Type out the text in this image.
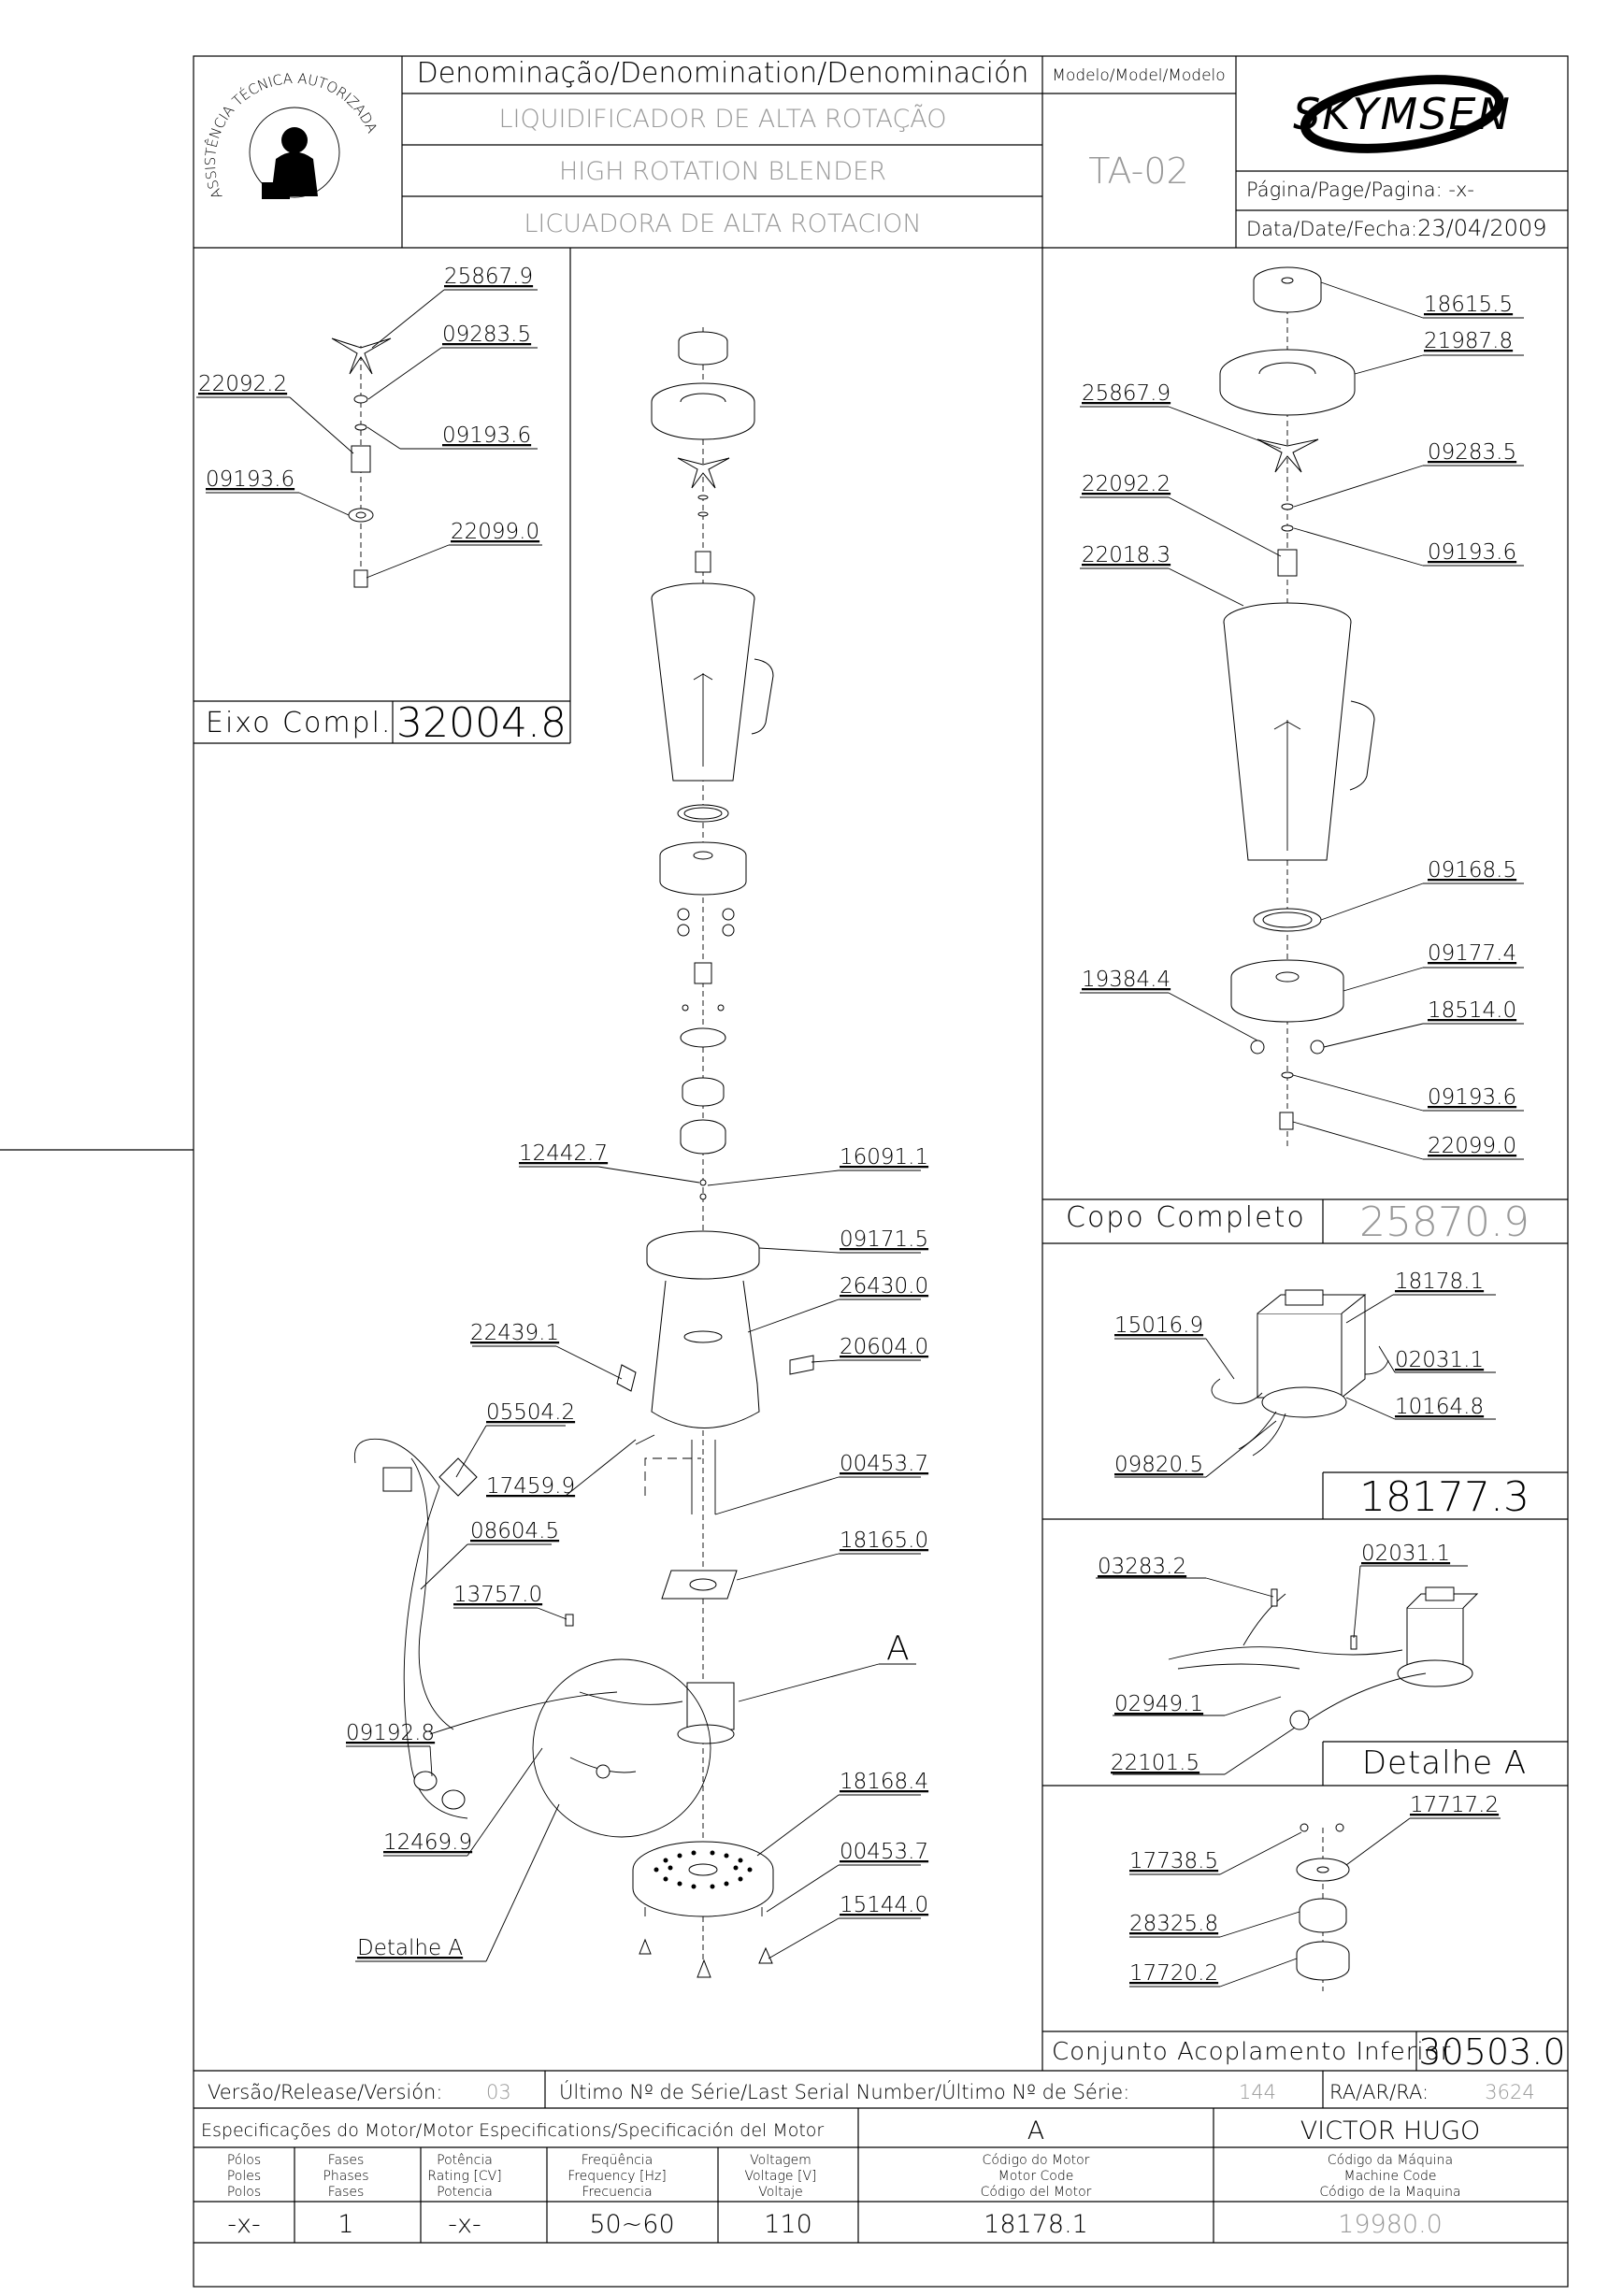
ASSISTÊNCIA TÉCNICA AUTORIZADA
Denominação/Denomination/Denominación
LIQUIDIFICADOR DE ALTA ROTAÇÃO
HIGH ROTATION BLENDER
LICUADORA DE ALTA ROTACION
Modelo/Model/Modelo
TA-02
SKYMSEN
Página/Page/Pagina: -x-
Data/Date/Fecha:23/04/2009
Eixo Compl. 32004.8
25867.9
09283.5
22092.2
09193.6
09193.6
22099.0
Copo Completo 25870.9
18177.3
Detalhe A
Conjunto Acoplamento Inferior
30503.0
18615.5
21987.8
25867.9
09283.5
22092.2
09193.6
22018.3
09168.5
09177.4
19384.4
18514.0
09193.6
22099.0
18178.1
15016.9
02031.1
10164.8
09820.5
03283.2
02031.1
02949.1
22101.5
17717.2
17738.5
28325.8
17720.2
12442.7	16091.1
09171.5
26430.0
22439.1
20604.0
05504.2
17459.9
00453.7
08604.5	18165.0
13757.0
09192.8
12469.9
18168.4
00453.7
15144.0
A
Detalhe A
Versão/Release/Versión: 03 Último Nº de Série/Last Serial Number/Último Nº de Série:	144	RA/AR/RA:	3624
Especificações do Motor/Motor Especifications/Specificación del Motor	A	VICTOR HUGO
Pólos
Poles
Polos
Fases
Phases
Fases
Potência
Rating [CV]
Potencia
Freqüência
Frequency [Hz]
Frecuencia
Voltagem
Voltage [V]
Voltaje
Código do Motor
Motor Code
Código del Motor
Código da Máquina
Machine Code
Código de la Maquina
-x-	1	-x-	50~60	110	18178.1	19980.0
